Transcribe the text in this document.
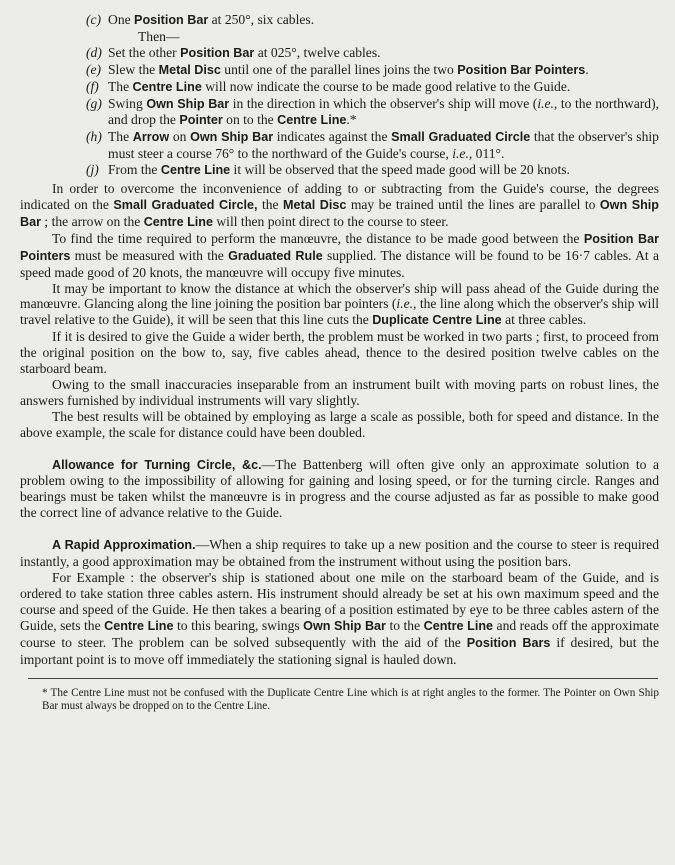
(c) One Position Bar at 250°, six cables.
Then—
(d) Set the other Position Bar at 025°, twelve cables.
(e) Slew the Metal Disc until one of the parallel lines joins the two Position Bar Pointers.
(f) The Centre Line will now indicate the course to be made good relative to the Guide.
(g) Swing Own Ship Bar in the direction in which the observer's ship will move (i.e., to the northward), and drop the Pointer on to the Centre Line.*
(h) The Arrow on Own Ship Bar indicates against the Small Graduated Circle that the observer's ship must steer a course 76° to the northward of the Guide's course, i.e., 011°.
(j) From the Centre Line it will be observed that the speed made good will be 20 knots.

In order to overcome the inconvenience of adding to or subtracting from the Guide's course, the degrees indicated on the Small Graduated Circle, the Metal Disc may be trained until the lines are parallel to Own Ship Bar ; the arrow on the Centre Line will then point direct to the course to steer.

To find the time required to perform the manœuvre, the distance to be made good between the Position Bar Pointers must be measured with the Graduated Rule supplied. The distance will be found to be 16·7 cables. At a speed made good of 20 knots, the manœuvre will occupy five minutes.

It may be important to know the distance at which the observer's ship will pass ahead of the Guide during the manœuvre. Glancing along the line joining the position bar pointers (i.e., the line along which the observer's ship will travel relative to the Guide), it will be seen that this line cuts the Duplicate Centre Line at three cables.

If it is desired to give the Guide a wider berth, the problem must be worked in two parts ; first, to proceed from the original position on the bow to, say, five cables ahead, thence to the desired position twelve cables on the starboard beam.

Owing to the small inaccuracies inseparable from an instrument built with moving parts on robust lines, the answers furnished by individual instruments will vary slightly.

The best results will be obtained by employing as large a scale as possible, both for speed and distance. In the above example, the scale for distance could have been doubled.

Allowance for Turning Circle, &c.—The Battenberg will often give only an approximate solution to a problem owing to the impossibility of allowing for gaining and losing speed, or for the turning circle. Ranges and bearings must be taken whilst the manœuvre is in progress and the course adjusted as far as possible to make good the correct line of advance relative to the Guide.

A Rapid Approximation.—When a ship requires to take up a new position and the course to steer is required instantly, a good approximation may be obtained from the instrument without using the position bars.

For Example : the observer's ship is stationed about one mile on the starboard beam of the Guide, and is ordered to take station three cables astern. His instrument should already be set at his own maximum speed and the course and speed of the Guide. He then takes a bearing of a position estimated by eye to be three cables astern of the Guide, sets the Centre Line to this bearing, swings Own Ship Bar to the Centre Line and reads off the approximate course to steer. The problem can be solved subsequently with the aid of the Position Bars if desired, but the important point is to move off immediately the stationing signal is hauled down.

* The Centre Line must not be confused with the Duplicate Centre Line which is at right angles to the former. The Pointer on Own Ship Bar must always be dropped on to the Centre Line.
